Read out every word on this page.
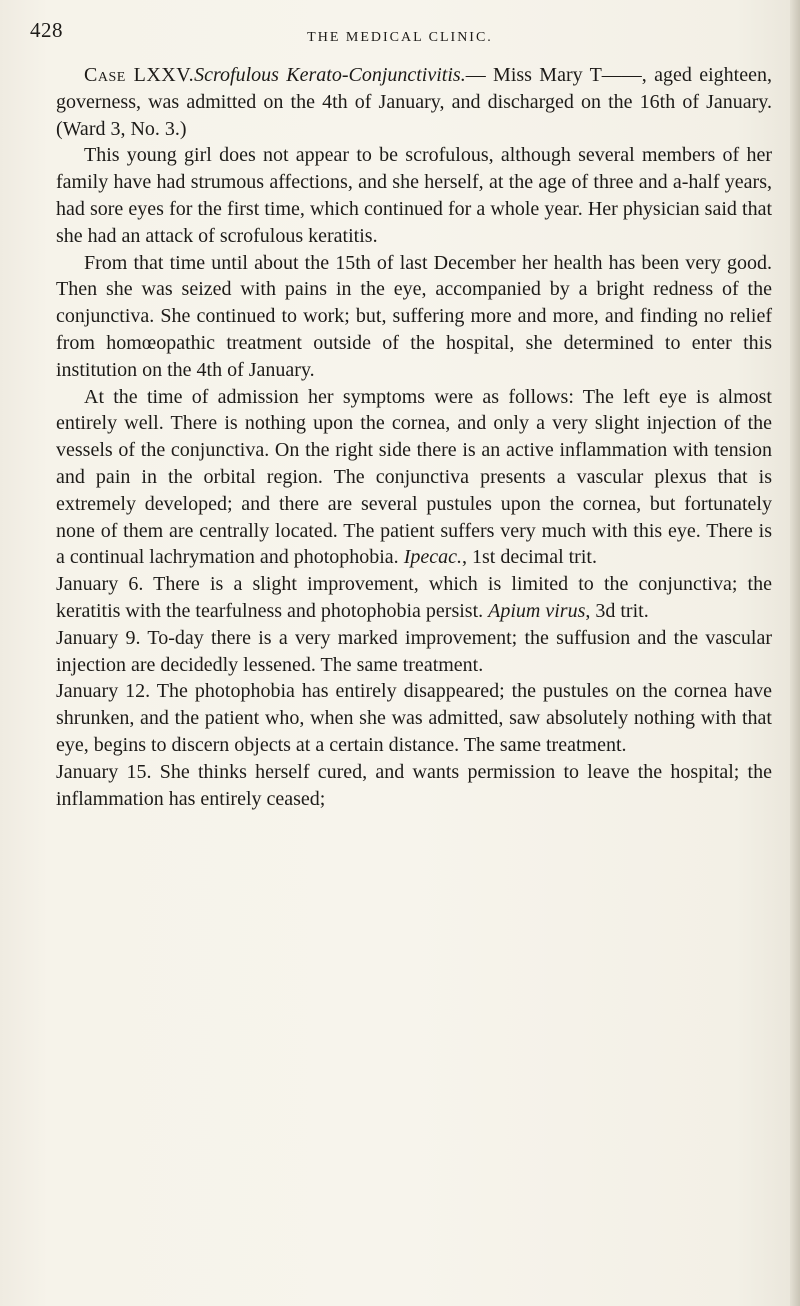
428	THE MEDICAL CLINIC.

Case LXXV.Scrofulous Kerato-Conjunctivitis.— Miss Mary T——, aged eighteen, governess, was admitted on the 4th of January, and discharged on the 16th of January. (Ward 3, No. 3.)

This young girl does not appear to be scrofulous, although several members of her family have had strumous affections, and she herself, at the age of three and a-half years, had sore eyes for the first time, which continued for a whole year. Her physician said that she had an attack of scrofulous keratitis.

From that time until about the 15th of last December her health has been very good. Then she was seized with pains in the eye, accompanied by a bright redness of the conjunctiva. She continued to work; but, suffering more and more, and finding no relief from homœopathic treatment outside of the hospital, she determined to enter this institution on the 4th of January.

At the time of admission her symptoms were as follows: The left eye is almost entirely well. There is nothing upon the cornea, and only a very slight injection of the vessels of the conjunctiva. On the right side there is an active inflammation with tension and pain in the orbital region. The conjunctiva presents a vascular plexus that is extremely developed; and there are several pustules upon the cornea, but fortunately none of them are centrally located. The patient suffers very much with this eye. There is a continual lachrymation and photophobia. Ipecac., 1st decimal trit.

January 6. There is a slight improvement, which is limited to the conjunctiva; the keratitis with the tearfulness and photophobia persist. Apium virus, 3d trit.

January 9. To-day there is a very marked improvement; the suffusion and the vascular injection are decidedly lessened. The same treatment.

January 12. The photophobia has entirely disappeared; the pustules on the cornea have shrunken, and the patient who, when she was admitted, saw absolutely nothing with that eye, begins to discern objects at a certain distance. The same treatment.

January 15. She thinks herself cured, and wants permission to leave the hospital; the inflammation has entirely ceased;
